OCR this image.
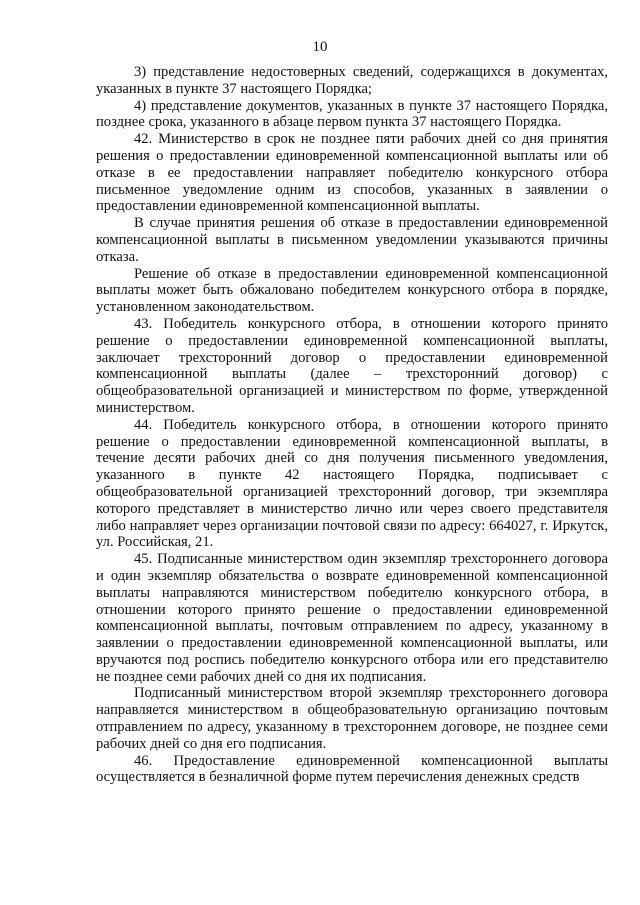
10

3) представление недостоверных сведений, содержащихся в документах, указанных в пункте 37 настоящего Порядка;

4) представление документов, указанных в пункте 37 настоящего Порядка, позднее срока, указанного в абзаце первом пункта 37 настоящего Порядка.

42. Министерство в срок не позднее пяти рабочих дней со дня принятия решения о предоставлении единовременной компенсационной выплаты или об отказе в ее предоставлении направляет победителю конкурсного отбора письменное уведомление одним из способов, указанных в заявлении о предоставлении единовременной компенсационной выплаты.

В случае принятия решения об отказе в предоставлении единовременной компенсационной выплаты в письменном уведомлении указываются причины отказа.

Решение об отказе в предоставлении единовременной компенсационной выплаты может быть обжаловано победителем конкурсного отбора в порядке, установленном законодательством.

43. Победитель конкурсного отбора, в отношении которого принято решение о предоставлении единовременной компенсационной выплаты, заключает трехсторонний договор о предоставлении единовременной компенсационной выплаты (далее – трехсторонний договор) с общеобразовательной организацией и министерством по форме, утвержденной министерством.

44. Победитель конкурсного отбора, в отношении которого принято решение о предоставлении единовременной компенсационной выплаты, в течение десяти рабочих дней со дня получения письменного уведомления, указанного в пункте 42 настоящего Порядка, подписывает с общеобразовательной организацией трехсторонний договор, три экземпляра которого представляет в министерство лично или через своего представителя либо направляет через организации почтовой связи по адресу: 664027, г. Иркутск, ул. Российская, 21.

45. Подписанные министерством один экземпляр трехстороннего договора и один экземпляр обязательства о возврате единовременной компенсационной выплаты направляются министерством победителю конкурсного отбора, в отношении которого принято решение о предоставлении единовременной компенсационной выплаты, почтовым отправлением по адресу, указанному в заявлении о предоставлении единовременной компенсационной выплаты, или вручаются под роспись победителю конкурсного отбора или его представителю не позднее семи рабочих дней со дня их подписания.

Подписанный министерством второй экземпляр трехстороннего договора направляется министерством в общеобразовательную организацию почтовым отправлением по адресу, указанному в трехстороннем договоре, не позднее семи рабочих дней со дня его подписания.

46. Предоставление единовременной компенсационной выплаты осуществляется в безналичной форме путем перечисления денежных средств
